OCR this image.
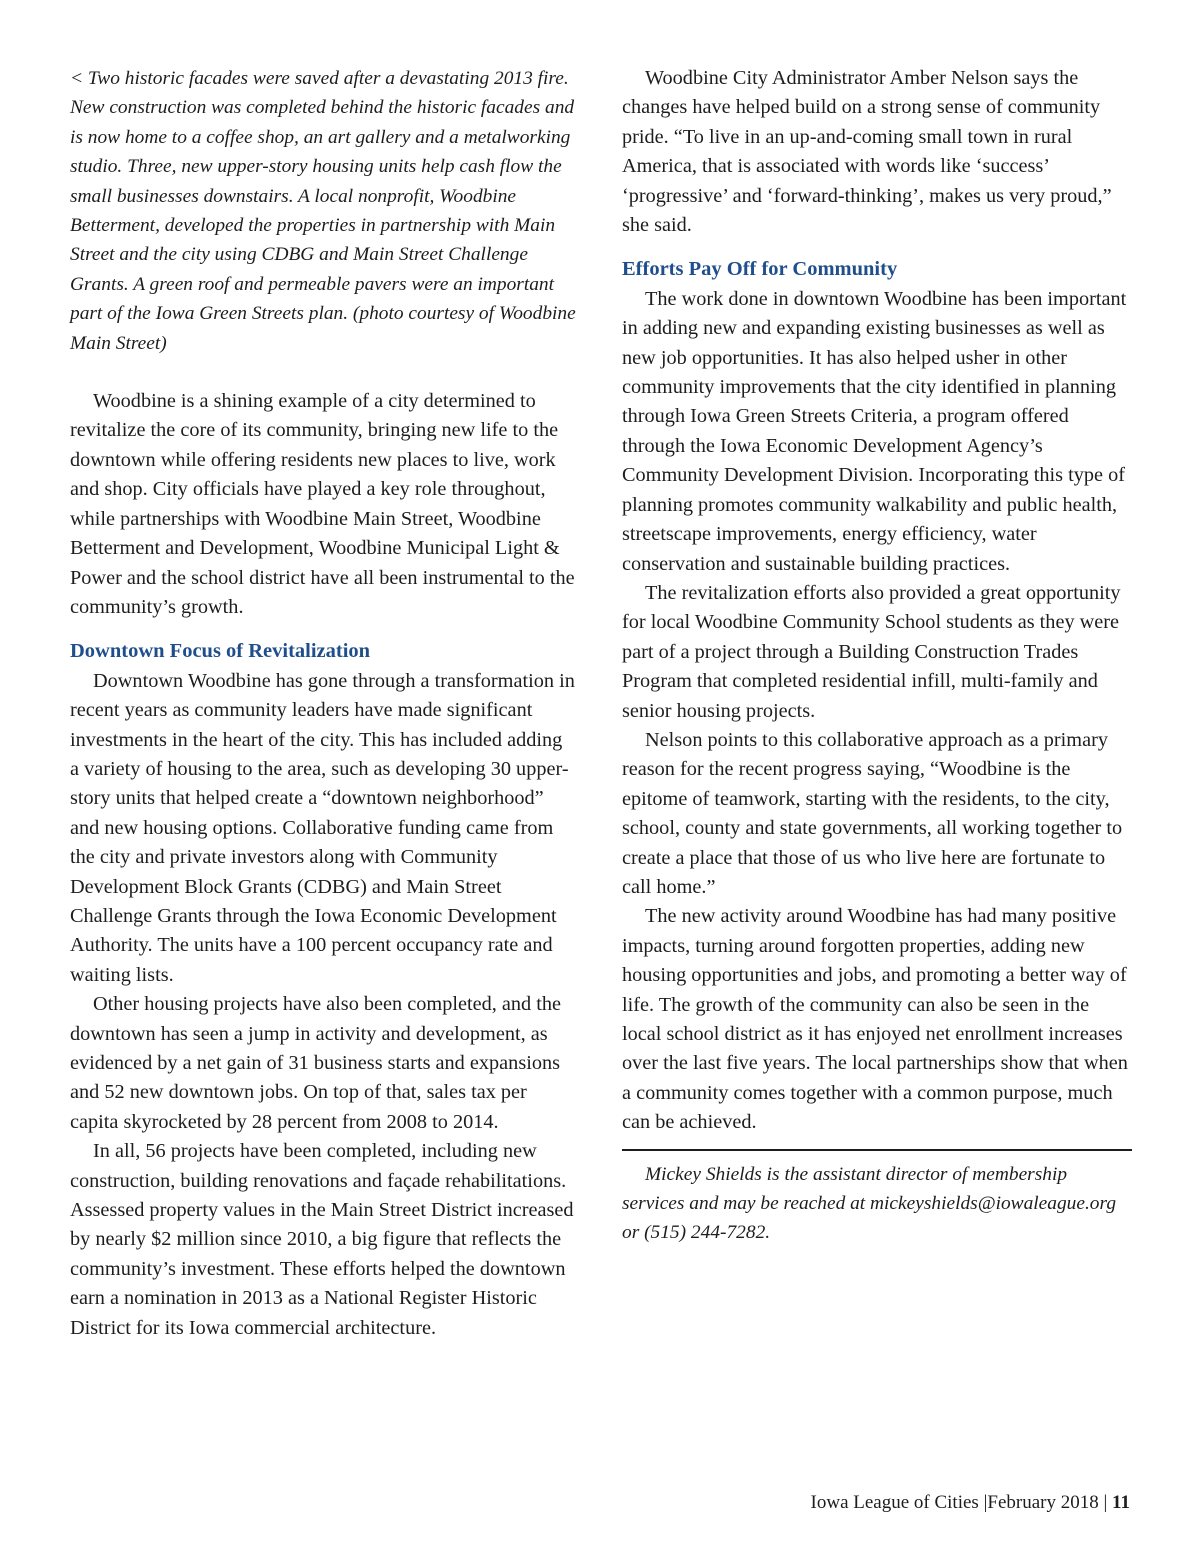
< Two historic facades were saved after a devastating 2013 fire. New construction was completed behind the historic facades and is now home to a coffee shop, an art gallery and a metalworking studio. Three, new upper-story housing units help cash flow the small businesses downstairs. A local nonprofit, Woodbine Betterment, developed the properties in partnership with Main Street and the city using CDBG and Main Street Challenge Grants. A green roof and permeable pavers were an important part of the Iowa Green Streets plan. (photo courtesy of Woodbine Main Street)

Woodbine is a shining example of a city determined to revitalize the core of its community, bringing new life to the downtown while offering residents new places to live, work and shop. City officials have played a key role throughout, while partnerships with Woodbine Main Street, Woodbine Betterment and Development, Woodbine Municipal Light & Power and the school district have all been instrumental to the community’s growth.

Downtown Focus of Revitalization

Downtown Woodbine has gone through a transformation in recent years as community leaders have made significant investments in the heart of the city. This has included adding a variety of housing to the area, such as developing 30 upper-story units that helped create a “downtown neighborhood” and new housing options. Collaborative funding came from the city and private investors along with Community Development Block Grants (CDBG) and Main Street Challenge Grants through the Iowa Economic Development Authority. The units have a 100 percent occupancy rate and waiting lists.

Other housing projects have also been completed, and the downtown has seen a jump in activity and development, as evidenced by a net gain of 31 business starts and expansions and 52 new downtown jobs. On top of that, sales tax per capita skyrocketed by 28 percent from 2008 to 2014.

In all, 56 projects have been completed, including new construction, building renovations and façade rehabilitations. Assessed property values in the Main Street District increased by nearly $2 million since 2010, a big figure that reflects the community’s investment. These efforts helped the downtown earn a nomination in 2013 as a National Register Historic District for its Iowa commercial architecture.

Woodbine City Administrator Amber Nelson says the changes have helped build on a strong sense of community pride. “To live in an up-and-coming small town in rural America, that is associated with words like ‘success’ ‘progressive’ and ‘forward-thinking’, makes us very proud,” she said.

Efforts Pay Off for Community

The work done in downtown Woodbine has been important in adding new and expanding existing businesses as well as new job opportunities. It has also helped usher in other community improvements that the city identified in planning through Iowa Green Streets Criteria, a program offered through the Iowa Economic Development Agency’s Community Development Division. Incorporating this type of planning promotes community walkability and public health, streetscape improvements, energy efficiency, water conservation and sustainable building practices.

The revitalization efforts also provided a great opportunity for local Woodbine Community School students as they were part of a project through a Building Construction Trades Program that completed residential infill, multi-family and senior housing projects.

Nelson points to this collaborative approach as a primary reason for the recent progress saying, “Woodbine is the epitome of teamwork, starting with the residents, to the city, school, county and state governments, all working together to create a place that those of us who live here are fortunate to call home.”

The new activity around Woodbine has had many positive impacts, turning around forgotten properties, adding new housing opportunities and jobs, and promoting a better way of life. The growth of the community can also be seen in the local school district as it has enjoyed net enrollment increases over the last five years. The local partnerships show that when a community comes together with a common purpose, much can be achieved.

Mickey Shields is the assistant director of membership services and may be reached at mickeyshields@iowaleague.org or (515) 244-7282.

Iowa League of Cities |February 2018 | 11
